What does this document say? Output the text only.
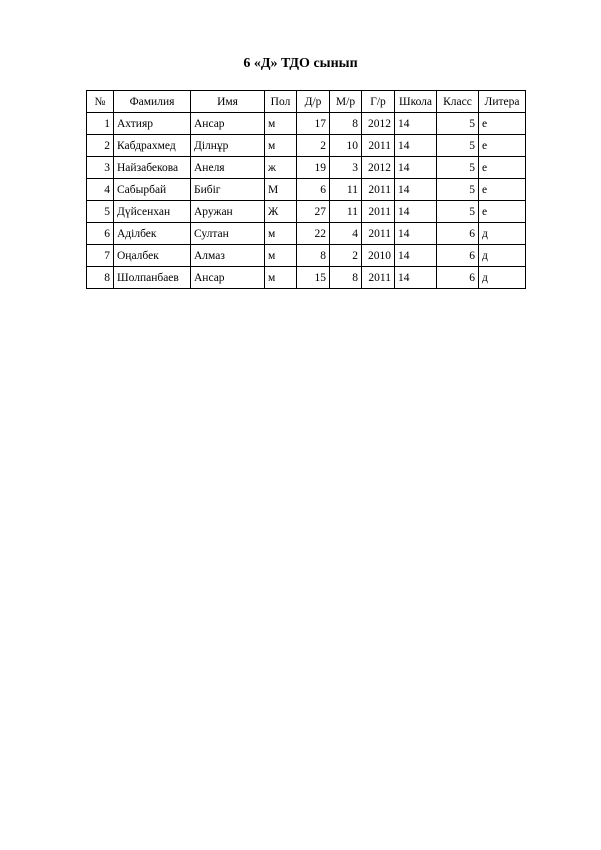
6 «Д» ТДО сынып
№	Фамилия	Имя	Пол	Д/р	М/р	Г/р	Школа	Класс	Литера
1	Ахтияр	Ансар	м	17	8	2012	14	5	е
2	Кабдрахмед	Ділнұр	м	2	10	2011	14	5	е
3	Найзабекова	Анеля	ж	19	3	2012	14	5	е
4	Сабырбай	Бибіг	М	6	11	2011	14	5	е
5	Дүйсенхан	Аружан	Ж	27	11	2011	14	5	е
6	Аділбек	Султан	м	22	4	2011	14	6	д
7	Оңалбек	Алмаз	м	8	2	2010	14	6	д
8	Шолпанбаев	Ансар	м	15	8	2011	14	6	д
